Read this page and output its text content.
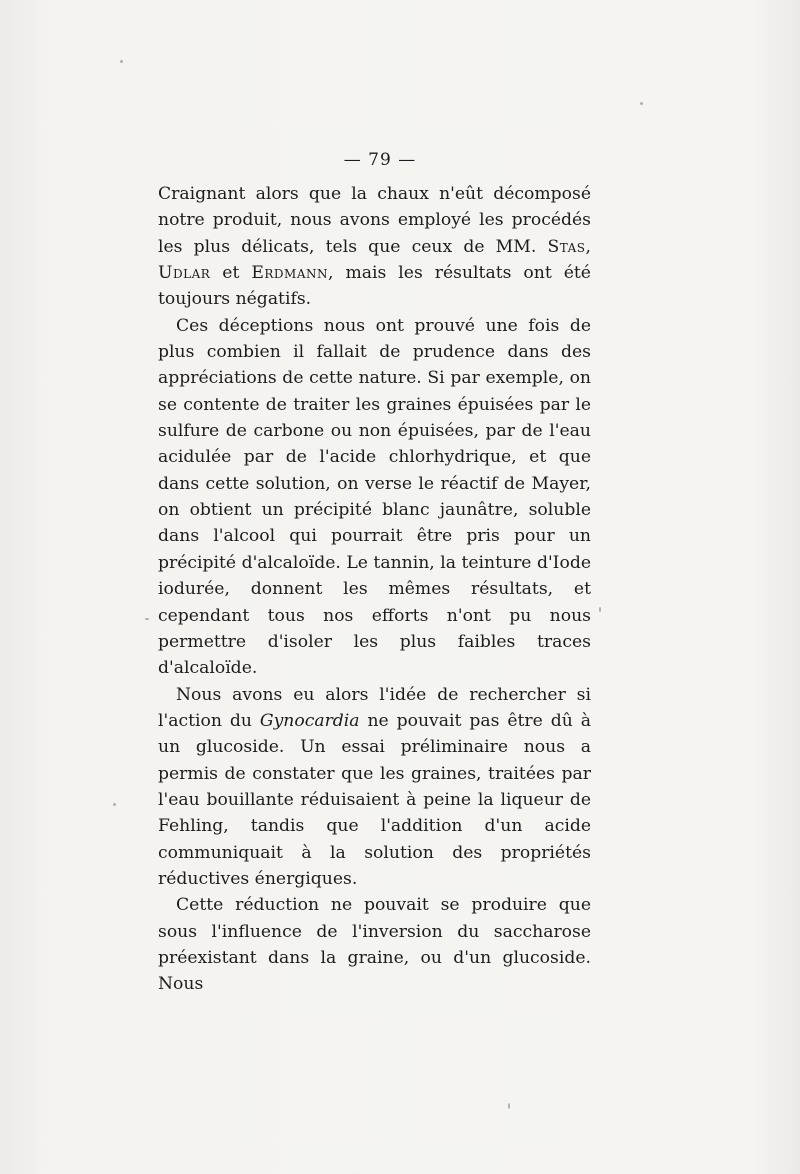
— 79 —

Craignant alors que la chaux n'eût décomposé notre produit, nous avons employé les procédés les plus délicats, tels que ceux de MM. Stas, Udlar et Erdmann, mais les résultats ont été toujours négatifs.

Ces déceptions nous ont prouvé une fois de plus combien il fallait de prudence dans des appréciations de cette nature. Si par exemple, on se contente de traiter les graines épuisées par le sulfure de carbone ou non épuisées, par de l'eau acidulée par de l'acide chlorhydrique, et que dans cette solution, on verse le réactif de Mayer, on obtient un précipité blanc jaunâtre, soluble dans l'alcool qui pourrait être pris pour un précipité d'alcaloïde. Le tannin, la teinture d'Iode iodurée, donnent les mêmes résultats, et cependant tous nos efforts n'ont pu nous permettre d'isoler les plus faibles traces d'alcaloïde.

Nous avons eu alors l'idée de rechercher si l'action du Gynocardia ne pouvait pas être dû à un glucoside. Un essai préliminaire nous a permis de constater que les graines, traitées par l'eau bouillante réduisaient à peine la liqueur de Fehling, tandis que l'addition d'un acide communiquait à la solution des propriétés réductives énergiques.

Cette réduction ne pouvait se produire que sous l'influence de l'inversion du saccharose préexistant dans la graine, ou d'un glucoside. Nous
